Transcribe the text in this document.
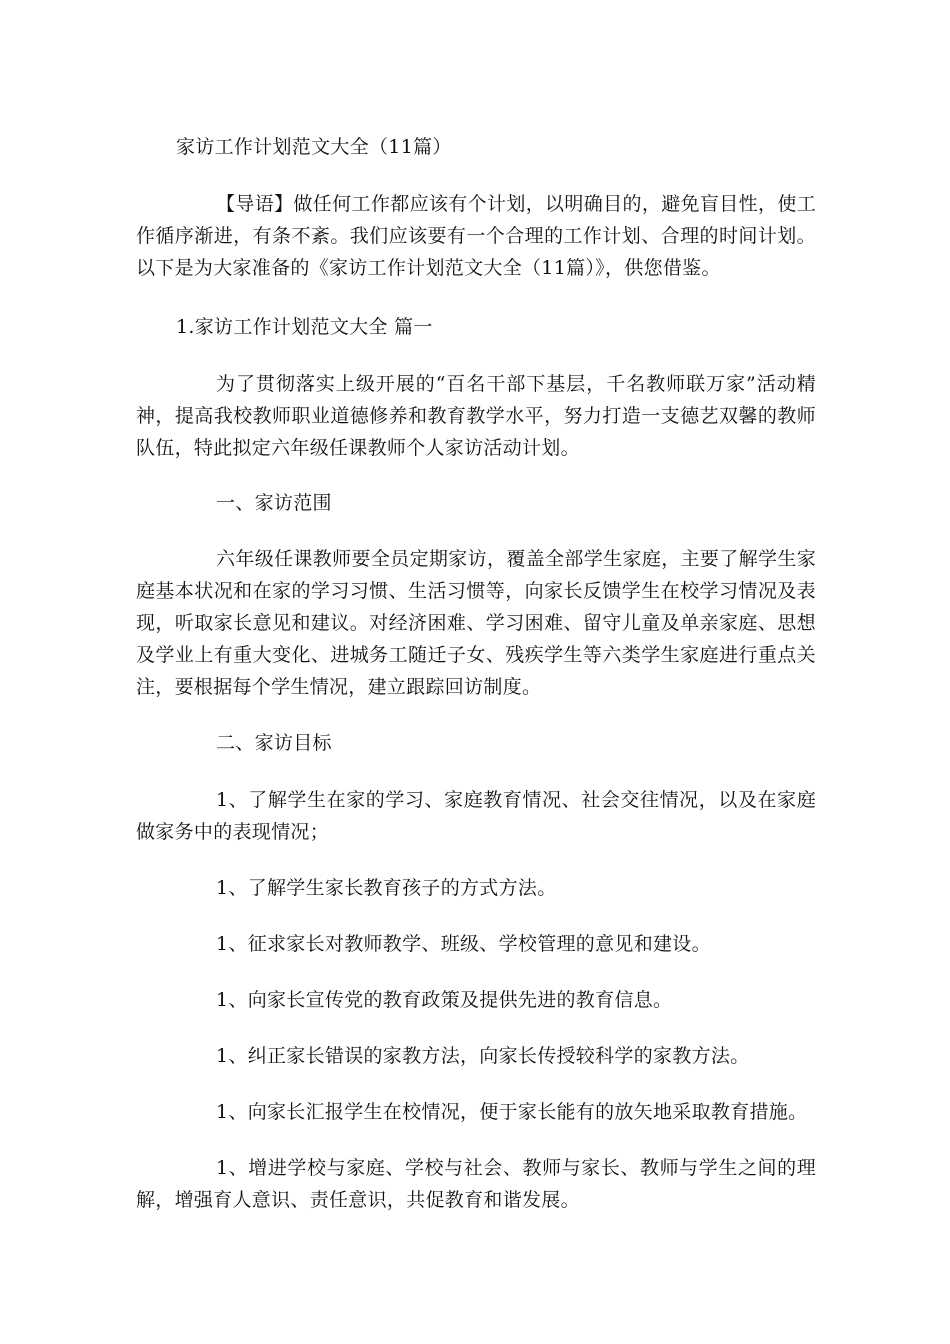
家访工作计划范文大全（11篇）

【导语】做任何工作都应该有个计划，以明确目的，避免盲目性，使工作循序渐进，有条不紊。我们应该要有一个合理的工作计划、合理的时间计划。以下是为大家准备的《家访工作计划范文大全（11篇）》，供您借鉴。

1.家访工作计划范文大全 篇一

为了贯彻落实上级开展的“百名干部下基层，千名教师联万家”活动精神，提高我校教师职业道德修养和教育教学水平，努力打造一支德艺双馨的教师队伍，特此拟定六年级任课教师个人家访活动计划。

一、家访范围

六年级任课教师要全员定期家访，覆盖全部学生家庭，主要了解学生家庭基本状况和在家的学习习惯、生活习惯等，向家长反馈学生在校学习情况及表现，听取家长意见和建议。对经济困难、学习困难、留守儿童及单亲家庭、思想及学业上有重大变化、进城务工随迁子女、残疾学生等六类学生家庭进行重点关注，要根据每个学生情况，建立跟踪回访制度。

二、家访目标

1、了解学生在家的学习、家庭教育情况、社会交往情况，以及在家庭做家务中的表现情况；

1、了解学生家长教育孩子的方式方法。

1、征求家长对教师教学、班级、学校管理的意见和建设。

1、向家长宣传党的教育政策及提供先进的教育信息。

1、纠正家长错误的家教方法，向家长传授较科学的家教方法。

1、向家长汇报学生在校情况，便于家长能有的放矢地采取教育措施。

1、增进学校与家庭、学校与社会、教师与家长、教师与学生之间的理解，增强育人意识、责任意识，共促教育和谐发展。
